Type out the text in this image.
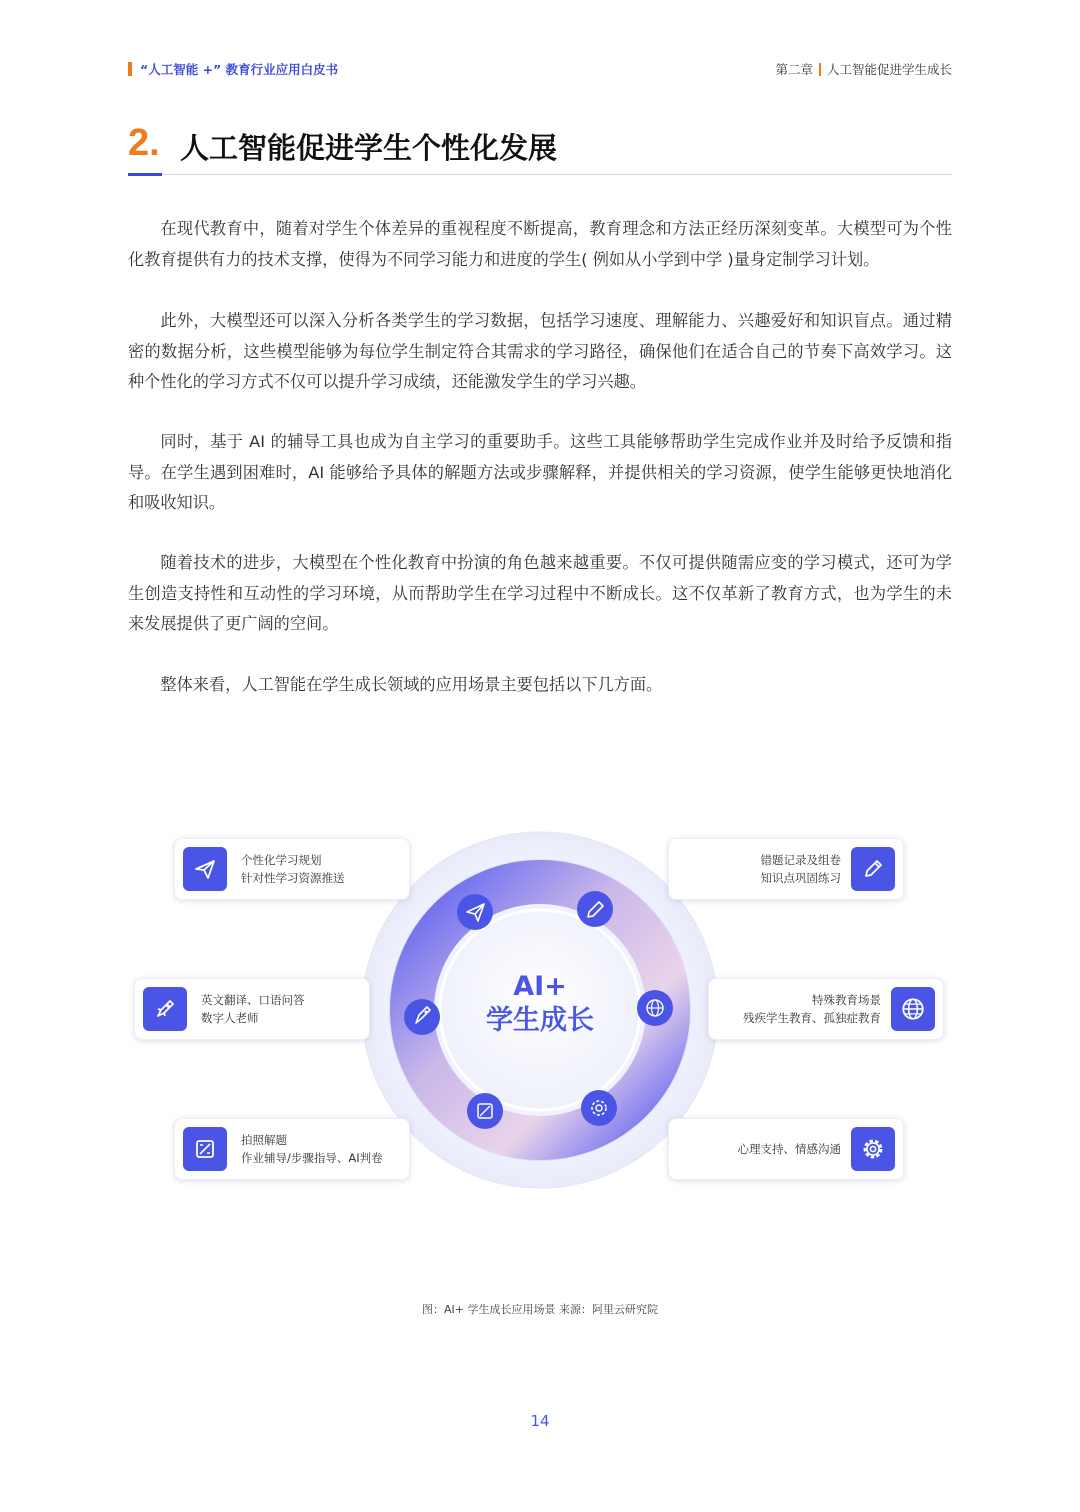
“人工智能 +” 教育行业应用白皮书	第二章 人工智能促进学生成长
2. 人工智能促进学生个性化发展

在现代教育中，随着对学生个体差异的重视程度不断提高，教育理念和方法正经历深刻变革。大模型可为个性化教育提供有力的技术支撑，使得为不同学习能力和进度的学生( 例如从小学到中学 )量身定制学习计划。

此外，大模型还可以深入分析各类学生的学习数据，包括学习速度、理解能力、兴趣爱好和知识盲点。通过精密的数据分析，这些模型能够为每位学生制定符合其需求的学习路径，确保他们在适合自己的节奏下高效学习。这种个性化的学习方式不仅可以提升学习成绩，还能激发学生的学习兴趣。

同时，基于 AI 的辅导工具也成为自主学习的重要助手。这些工具能够帮助学生完成作业并及时给予反馈和指导。在学生遇到困难时，AI 能够给予具体的解题方法或步骤解释，并提供相关的学习资源，使学生能够更快地消化和吸收知识。

随着技术的进步，大模型在个性化教育中扮演的角色越来越重要。不仅可提供随需应变的学习模式，还可为学生创造支持性和互动性的学习环境，从而帮助学生在学习过程中不断成长。这不仅革新了教育方式，也为学生的未来发展提供了更广阔的空间。

整体来看，人工智能在学生成长领域的应用场景主要包括以下几方面。

AI+
学生成长
个性化学习规划
针对性学习资源推送
英文翻译、口语问答
数字人老师
拍照解题
作业辅导/步骤指导、AI判卷
错题记录及组卷
知识点巩固练习
特殊教育场景
残疾学生教育、孤独症教育
心理支持、情感沟通
图：AI+ 学生成长应用场景 来源：阿里云研究院
14
